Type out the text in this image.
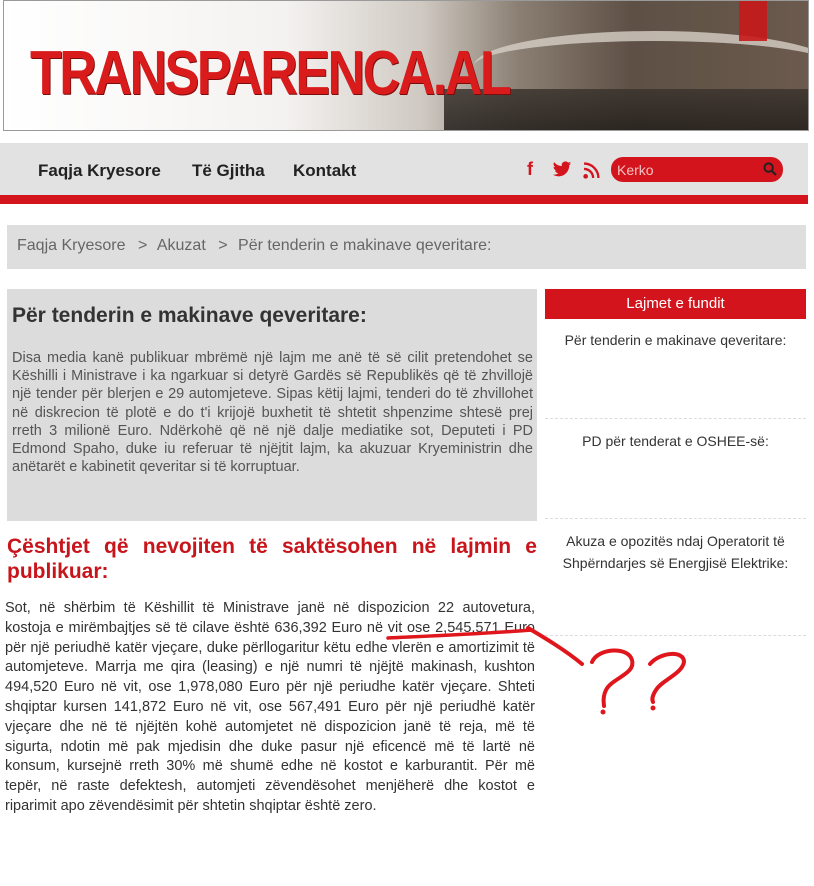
TRANSPARENCA.AL
Faqja Kryesore Të Gjitha Kontakt	f
Kerko
Faqja Kryesore > Akuzat > Për tenderin e makinave qeveritare:
Për tenderin e makinave qeveritare:

Disa media kanë publikuar mbrëmë një lajm me anë të së cilit pretendohet se Këshilli i Ministrave i ka ngarkuar si detyrë Gardës së Republikës që të zhvillojë një tender për blerjen e 29 automjeteve. Sipas këtij lajmi, tenderi do të zhvillohet në diskrecion të plotë e do t'i krijojë buxhetit të shtetit shpenzime shtesë prej rreth 3 milionë Euro. Ndërkohë që në një dalje mediatike sot, Deputeti i PD Edmond Spaho, duke iu referuar të njëjtit lajm, ka akuzuar Kryeministrin dhe anëtarët e kabinetit qeveritar si të korruptuar.

Çështjet që nevojiten të saktësohen në lajmin e publikuar:
Sot, në shërbim të Këshillit të Ministrave janë në dispozicion 22 autovetura, kostoja e mirëmbajtjes së të cilave është 636,392 Euro në vit ose 2,545,571 Euro për një periudhë katër vjeçare, duke përllogaritur këtu edhe vlerën e amortizimit të automjeteve. Marrja me qira (leasing) e një numri të njëjtë makinash, kushton 494,520 Euro në vit, ose 1,978,080 Euro për një periudhe katër vjeçare. Shteti shqiptar kursen 141,872 Euro në vit, ose 567,491 Euro për një periudhë katër vjeçare dhe në të njëjtën kohë automjetet në dispozicion janë të reja, më të sigurta, ndotin më pak mjedisin dhe duke pasur një eficencë më të lartë në konsum, kursejnë rreth 30% më shumë edhe në kostot e karburantit. Për më tepër, në raste defektesh, automjeti zëvendësohet menjëherë dhe kostot e riparimit apo zëvendësimit për shtetin shqiptar është zero.
Lajmet e fundit
Për tenderin e makinave qeveritare:
PD për tenderat e OSHEE-së:
Akuza e opozitës ndaj Operatorit të Shpërndarjes së Energjisë Elektrike:
